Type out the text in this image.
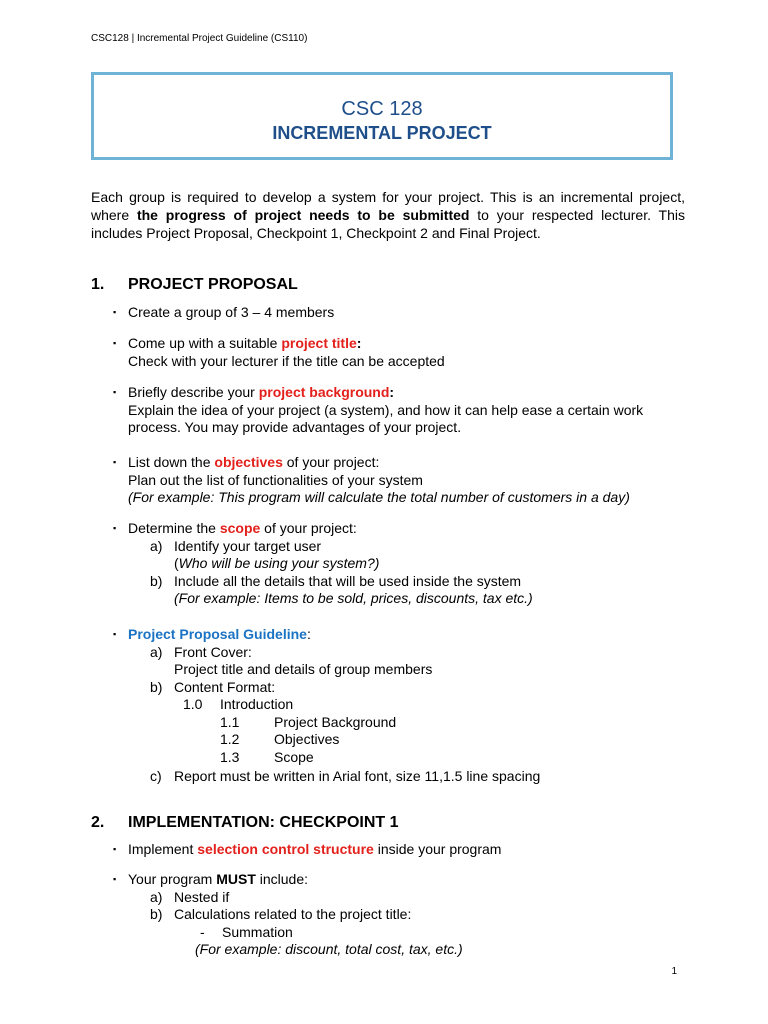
CSC128 | Incremental Project Guideline (CS110)
CSC 128
INCREMENTAL PROJECT
Each group is required to develop a system for your project. This is an incremental project, where the progress of project needs to be submitted to your respected lecturer. This includes Project Proposal, Checkpoint 1, Checkpoint 2 and Final Project.
1. PROJECT PROPOSAL
▪ Create a group of 3 – 4 members
▪ Come up with a suitable project title:
Check with your lecturer if the title can be accepted
▪ Briefly describe your project background:
Explain the idea of your project (a system), and how it can help ease a certain work
process. You may provide advantages of your project.
▪ List down the objectives of your project:
Plan out the list of functionalities of your system
(For example: This program will calculate the total number of customers in a day)
▪ Determine the scope of your project:
a) Identify your target user
(Who will be using your system?)
b) Include all the details that will be used inside the system
(For example: Items to be sold, prices, discounts, tax etc.)
▪ Project Proposal Guideline:
a) Front Cover:
Project title and details of group members
b) Content Format:
1.0 Introduction
1.1 Project Background
1.2 Objectives
1.3 Scope
c) Report must be written in Arial font, size 11,1.5 line spacing
2. IMPLEMENTATION: CHECKPOINT 1
▪ Implement selection control structure inside your program
▪ Your program MUST include:
a) Nested if
b) Calculations related to the project title:
- Summation
(For example: discount, total cost, tax, etc.)
1
